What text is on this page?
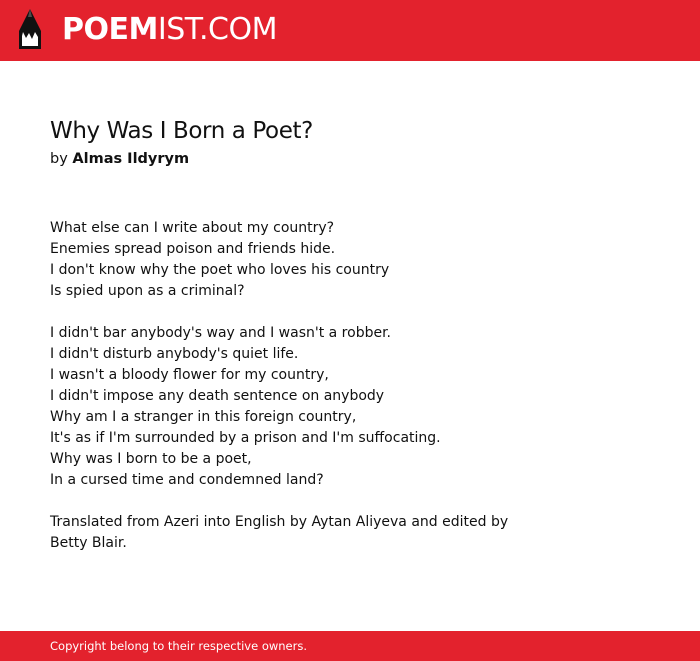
POEMIST.COM
Why Was I Born a Poet?
by Almas Ildyrym
What else can I write about my country?
Enemies spread poison and friends hide.
I don't know why the poet who loves his country
Is spied upon as a criminal?
I didn't bar anybody's way and I wasn't a robber.
I didn't disturb anybody's quiet life.
I wasn't a bloody flower for my country,
I didn't impose any death sentence on anybody
Why am I a stranger in this foreign country,
It's as if I'm surrounded by a prison and I'm suffocating.
Why was I born to be a poet,
In a cursed time and condemned land?

Translated from Azeri into English by Aytan Aliyeva and edited by Betty Blair.

Copyright belong to their respective owners.
